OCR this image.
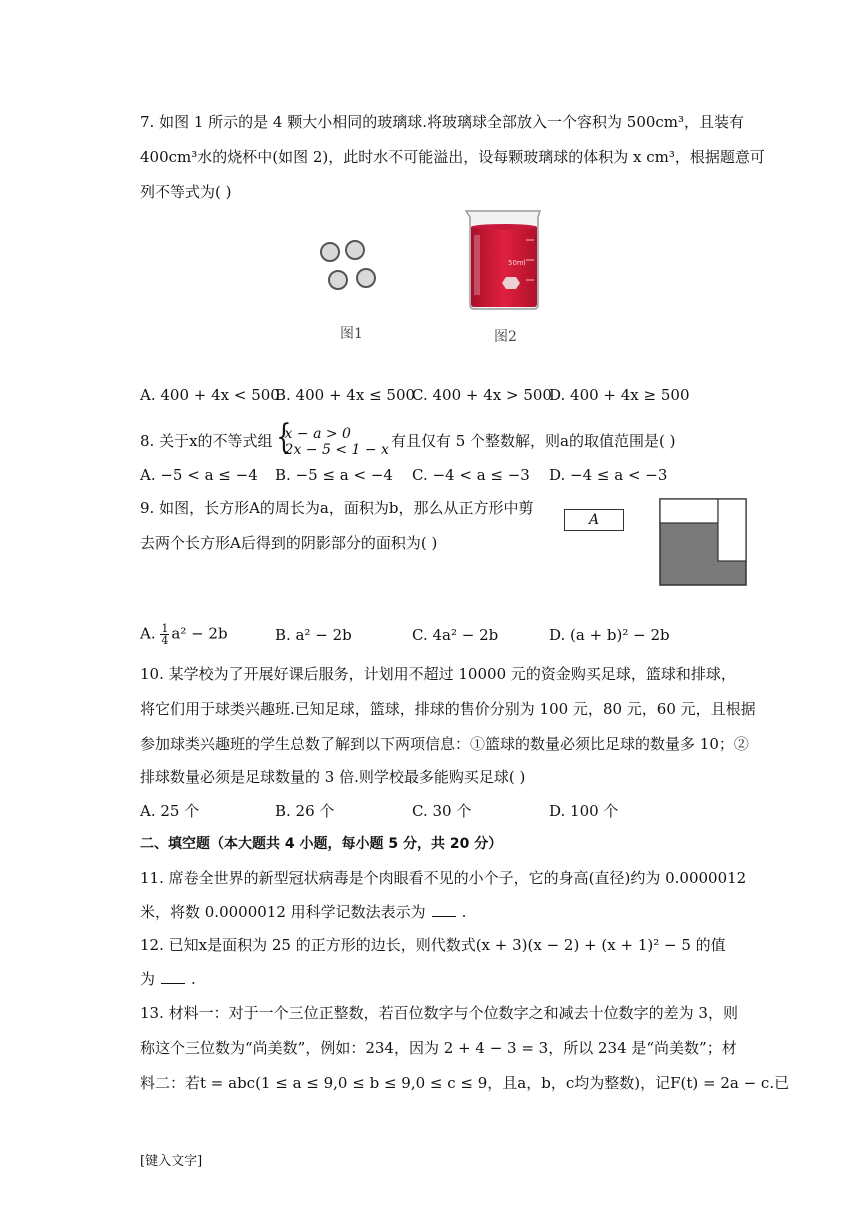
7. 如图 1 所示的是 4 颗大小相同的玻璃球.将玻璃球全部放入一个容积为 500cm³，且装有
400cm³水的烧杯中(如图 2)，此时水不可能溢出，设每颗玻璃球的体积为 x cm³，根据题意可
列不等式为( )
图1
50ml
图2
A. 400 + 4x < 500
B. 400 + 4x ≤ 500
C. 400 + 4x > 500
D. 400 + 4x ≥ 500
8. 关于x的不等式组
{ x − a > 0
2x − 5 < 1 − x 有且仅有 5 个整数解，则a的取值范围是( )
A. −5 < a ≤ −4 B. −5 ≤ a < −4 C. −4 < a ≤ −3 D. −4 ≤ a < −3
9. 如图，长方形A的周长为a，面积为b，那么从正方形中剪
去两个长方形A后得到的阴影部分的面积为( )
A
A. $\frac{1}{4} a^2 - 2b$	B. a² − 2b	C. 4a² − 2b	D. (a + b)² − 2b
10. 某学校为了开展好课后服务，计划用不超过 10000 元的资金购买足球，篮球和排球，
将它们用于球类兴趣班.已知足球，篮球，排球的售价分别为 100 元，80 元，60 元，且根据
参加球类兴趣班的学生总数了解到以下两项信息：①篮球的数量必须比足球的数量多 10；②
排球数量必须是足球数量的 3 倍.则学校最多能购买足球( )
A. 25 个	B. 26 个	C. 30 个	D. 100 个
二、填空题（本大题共 4 小题，每小题 5 分，共 20 分）
11. 席卷全世界的新型冠状病毒是个肉眼看不见的小个子，它的身高(直径)约为 0.0000012
米，将数 0.0000012 用科学记数法表示为 .
12. 已知x是面积为 25 的正方形的边长，则代数式(x + 3)(x − 2) + (x + 1)² − 5 的值
为 .
13. 材料一：对于一个三位正整数，若百位数字与个位数字之和减去十位数字的差为 3，则
称这个三位数为“尚美数”，例如：234，因为 2 + 4 − 3 = 3，所以 234 是“尚美数”；材
料二：若t = abc(1 ≤ a ≤ 9,0 ≤ b ≤ 9,0 ≤ c ≤ 9，且a，b，c均为整数)，记F(t) = 2a − c.已
[键入文字]
